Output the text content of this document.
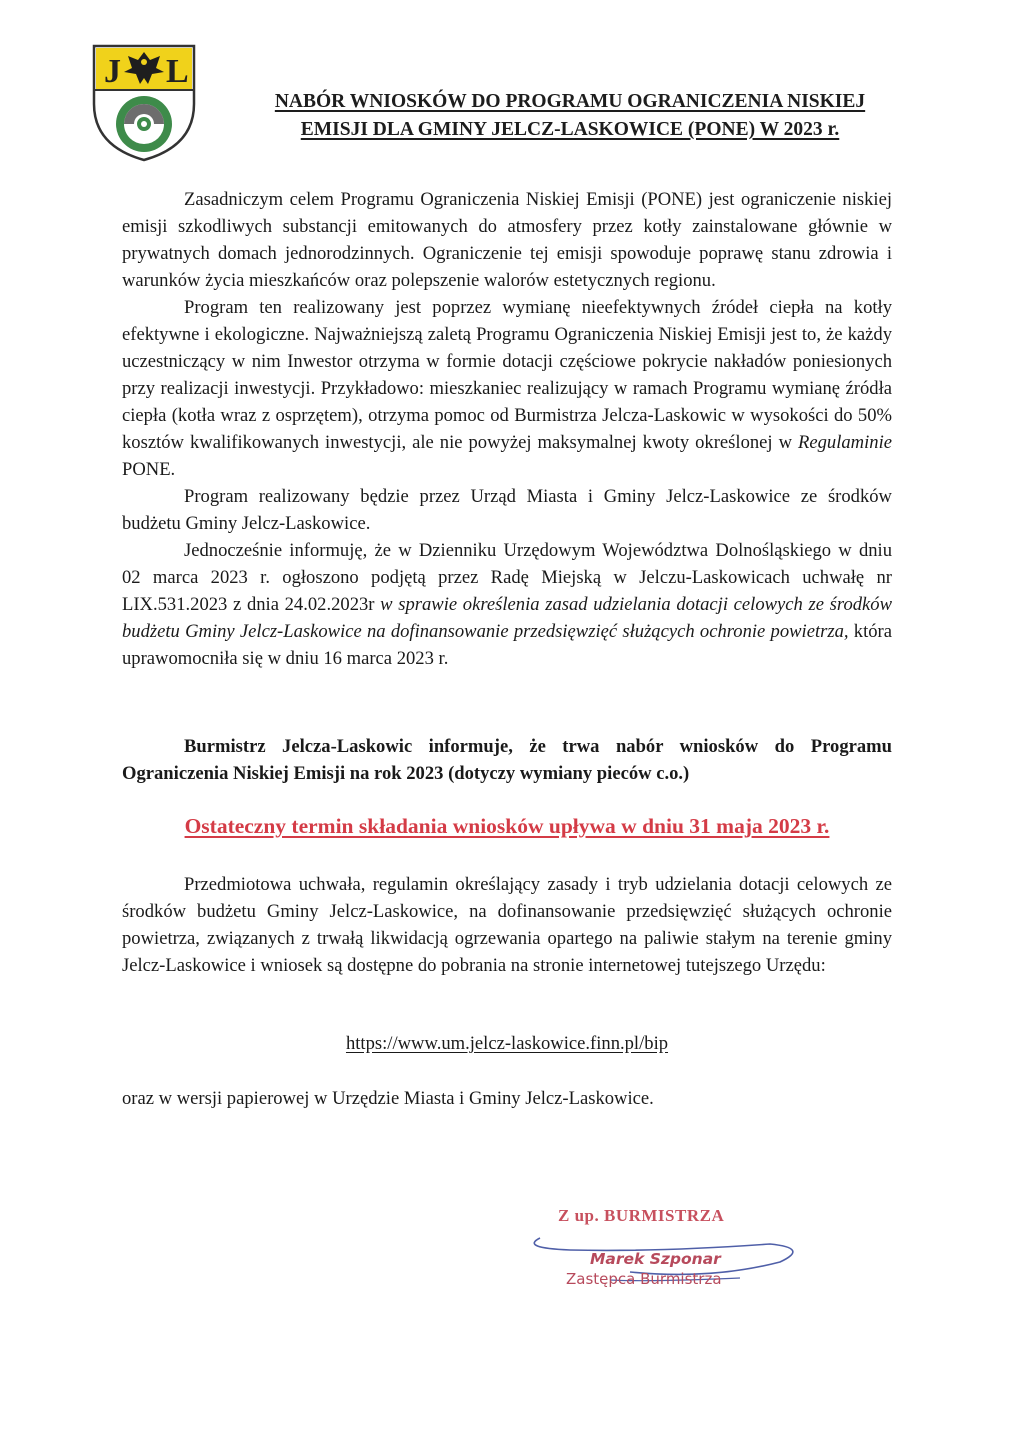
J L
NABÓR WNIOSKÓW DO PROGRAMU OGRANICZENIA NISKIEJ
EMISJI DLA GMINY JELCZ-LASKOWICE (PONE) W 2023 r.

Zasadniczym celem Programu Ograniczenia Niskiej Emisji (PONE) jest ograniczenie niskiej emisji szkodliwych substancji emitowanych do atmosfery przez kotły zainstalowane głównie w prywatnych domach jednorodzinnych. Ograniczenie tej emisji spowoduje poprawę stanu zdrowia i warunków życia mieszkańców oraz polepszenie walorów estetycznych regionu.

Program ten realizowany jest poprzez wymianę nieefektywnych źródeł ciepła na kotły efektywne i ekologiczne. Najważniejszą zaletą Programu Ograniczenia Niskiej Emisji jest to, że każdy uczestniczący w nim Inwestor otrzyma w formie dotacji częściowe pokrycie nakładów poniesionych przy realizacji inwestycji. Przykładowo: mieszkaniec realizujący w ramach Programu wymianę źródła ciepła (kotła wraz z osprzętem), otrzyma pomoc od Burmistrza Jelcza-Laskowic w wysokości do 50% kosztów kwalifikowanych inwestycji, ale nie powyżej maksymalnej kwoty określonej w Regulaminie PONE.

Program realizowany będzie przez Urząd Miasta i Gminy Jelcz-Laskowice ze środków budżetu Gminy Jelcz-Laskowice.

Jednocześnie informuję, że w Dzienniku Urzędowym Województwa Dolnośląskiego w dniu 02 marca 2023 r. ogłoszono podjętą przez Radę Miejską w Jelczu-Laskowicach uchwałę nr LIX.531.2023 z dnia 24.02.2023r w sprawie określenia zasad udzielania dotacji celowych ze środków budżetu Gminy Jelcz-Laskowice na dofinansowanie przedsięwzięć służących ochronie powietrza, która uprawomocniła się w dniu 16 marca 2023 r.

Burmistrz Jelcza-Laskowic informuje, że trwa nabór wniosków do Programu Ograniczenia Niskiej Emisji na rok 2023 (dotyczy wymiany pieców c.o.)

Ostateczny termin składania wniosków upływa w dniu 31 maja 2023 r.

Przedmiotowa uchwała, regulamin określający zasady i tryb udzielania dotacji celowych ze środków budżetu Gminy Jelcz-Laskowice, na dofinansowanie przedsięwzięć służących ochronie powietrza, związanych z trwałą likwidacją ogrzewania opartego na paliwie stałym na terenie gminy Jelcz-Laskowice i wniosek są dostępne do pobrania na stronie internetowej tutejszego Urzędu:

https://www.um.jelcz-laskowice.finn.pl/bip
oraz w wersji papierowej w Urzędzie Miasta i Gminy Jelcz-Laskowice.
Z up. BURMISTRZA
Marek Szponar
Zastępca Burmistrza
